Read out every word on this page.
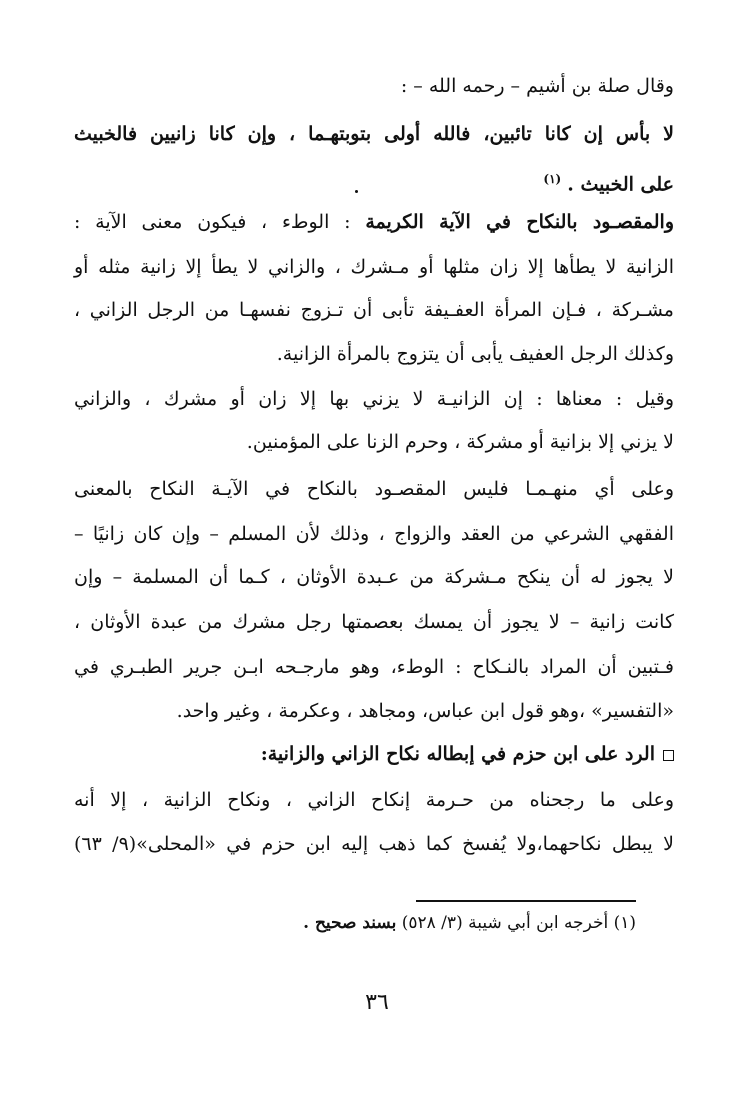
وقال صلة بن أشيم – رحمه الله – :
لا بأس إن كانا تائبين، فالله أولى بتوبتهـما ، وإن كانا زانيين فالخبيث
على الخبيث .$^{(١)}$
والمقصـود بالنكاح في الآية الكريمة : الوطء ، فيكون معنى الآية :
الزانية لا يطأها إلا زان مثلها أو مـشرك ، والزاني لا يطأ إلا زانية مثله أو
مشـركة ، فـإن المرأة العفـيفة تأبى أن تـزوج نفسهـا من الرجل الزاني ،
وكذلك الرجل العفيف يأبى أن يتزوج بالمرأة الزانية.
وقيل : معناها : إن الزانيـة لا يزني بها إلا زان أو مشرك ، والزاني
لا يزني إلا بزانية أو مشركة ، وحرم الزنا على المؤمنين.
وعلى أي منهـمـا فليس المقصـود بالنكاح في الآيـة النكاح بالمعنى
الفقهي الشرعي من العقد والزواج ، وذلك لأن المسلم – وإن كان زانيًا –
لا يجوز له أن ينكح مـشركة من عـبدة الأوثان ، كـما أن المسلمة – وإن
كانت زانية – لا يجوز أن يمسك بعصمتها رجل مشرك من عبدة الأوثان ،
فـتبين أن المراد بالنـكاح : الوطء، وهو مارجـحه ابـن جرير الطبـري في
«التفسير» ،وهو قول ابن عباس، ومجاهد ، وعكرمة ، وغير واحد.
الرد على ابن حزم في إبطاله نكاح الزاني والزانية:
وعلى ما رجحناه من حـرمة إنكاح الزاني ، ونكاح الزانية ، إلا أنه
لا يبطل نكاحهما،ولا يُفسخ كما ذهب إليه ابن حزم في «المحلى»(٩/ ٦٣)
(١) أخرجه ابن أبي شيبة (٣/ ٥٢٨) بسند صحيح .
٣٦
